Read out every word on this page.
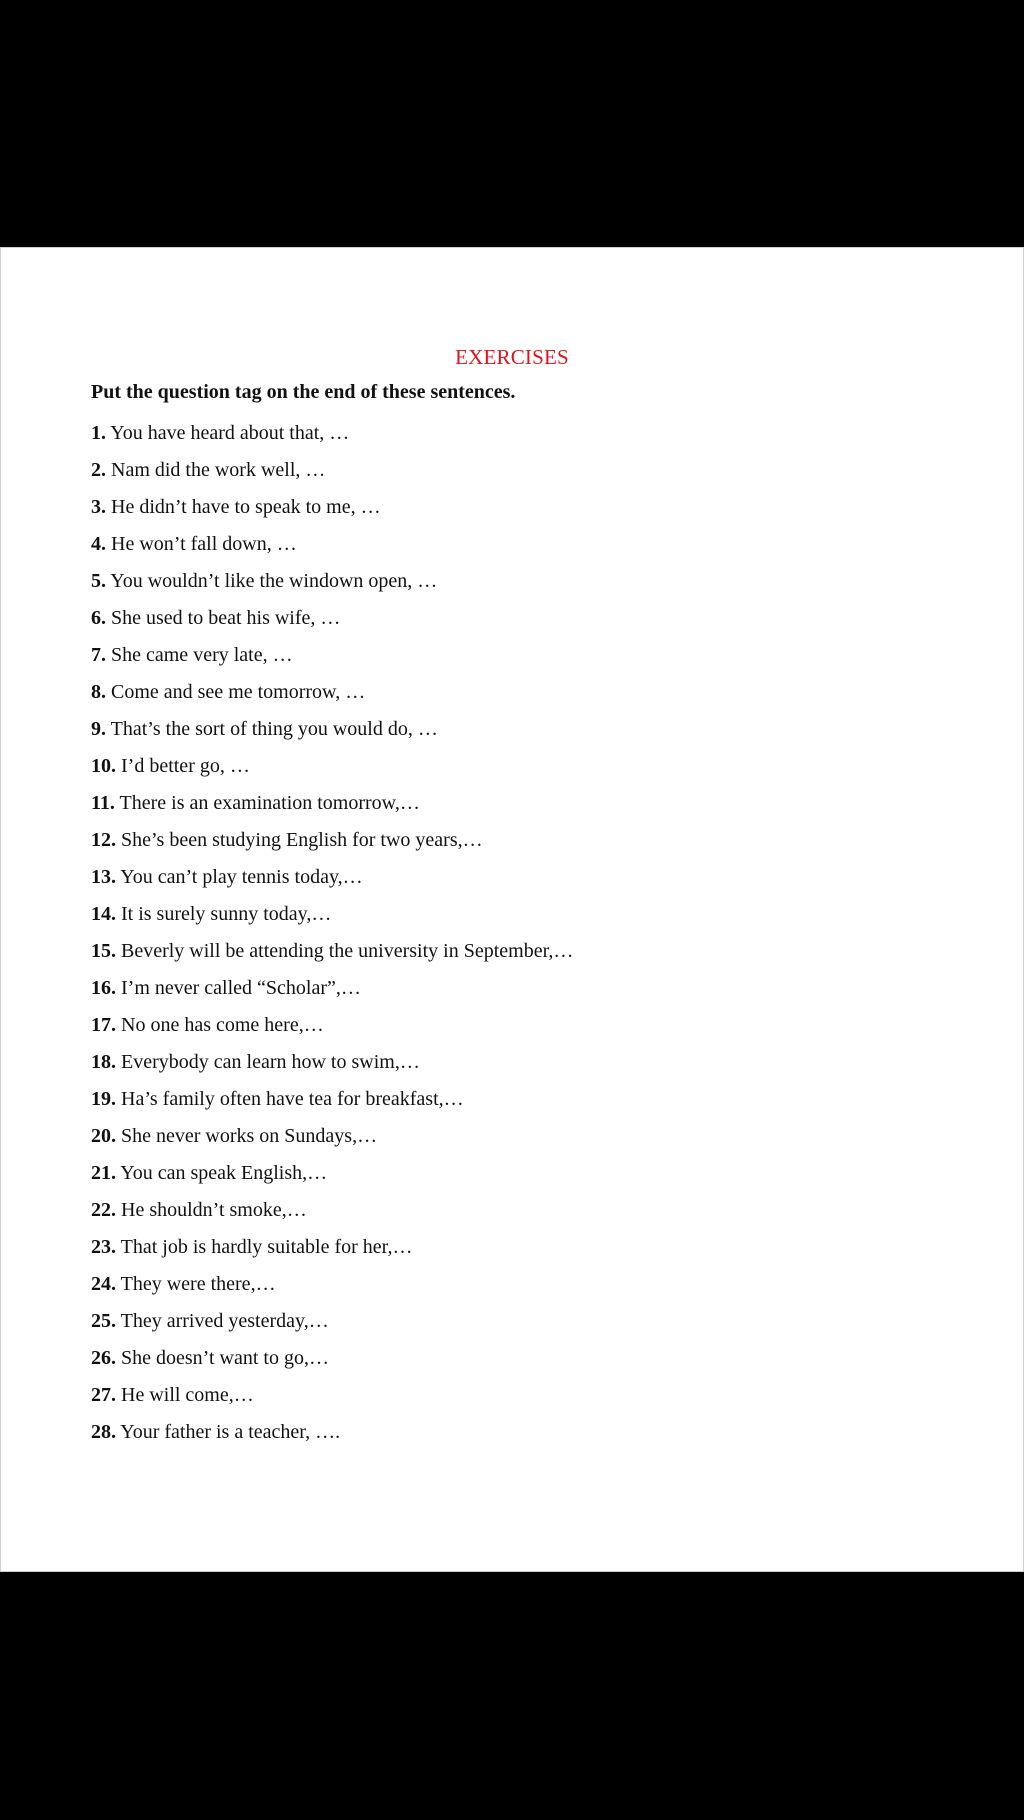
EXERCISES
Put the question tag on the end of these sentences.
1. You have heard about that, …
2. Nam did the work well, …
3. He didn’t have to speak to me, …
4. He won’t fall down, …
5. You wouldn’t like the windown open, …
6. She used to beat his wife, …
7. She came very late, …
8. Come and see me tomorrow, …
9. That’s the sort of thing you would do, …
10. I’d better go, …
11. There is an examination tomorrow,…
12. She’s been studying English for two years,…
13. You can’t play tennis today,…
14. It is surely sunny today,…
15. Beverly will be attending the university in September,…
16. I’m never called “Scholar”,…
17. No one has come here,…
18. Everybody can learn how to swim,…
19. Ha’s family often have tea for breakfast,…
20. She never works on Sundays,…
21. You can speak English,…
22. He shouldn’t smoke,…
23. That job is hardly suitable for her,…
24. They were there,…
25. They arrived yesterday,…
26. She doesn’t want to go,…
27. He will come,…
28. Your father is a teacher, ….
